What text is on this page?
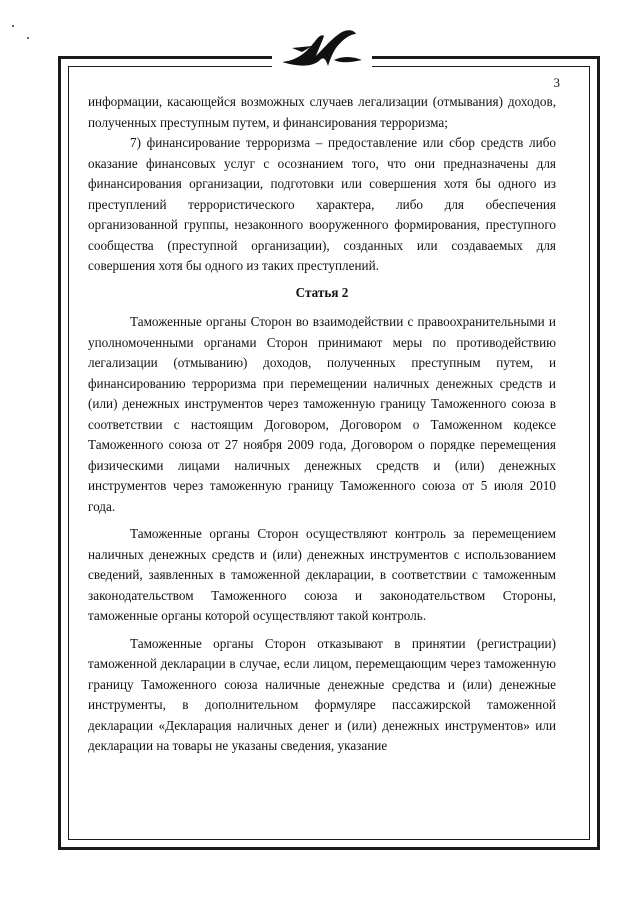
3

информации, касающейся возможных случаев легализации (отмывания) доходов, полученных преступным путем, и финансирования терроризма;

7) финансирование терроризма – предоставление или сбор средств либо оказание финансовых услуг с осознанием того, что они предназначены для финансирования организации, подготовки или совершения хотя бы одного из преступлений террористического характера, либо для обеспечения организованной группы, незаконного вооруженного формирования, преступного сообщества (преступной организации), созданных или создаваемых для совершения хотя бы одного из таких преступлений.

Статья 2

Таможенные органы Сторон во взаимодействии с правоохранительными и уполномоченными органами Сторон принимают меры по противодействию легализации (отмыванию) доходов, полученных преступным путем, и финансированию терроризма при перемещении наличных денежных средств и (или) денежных инструментов через таможенную границу Таможенного союза в соответствии с настоящим Договором, Договором о Таможенном кодексе Таможенного союза от 27 ноября 2009 года, Договором о порядке перемещения физическими лицами наличных денежных средств и (или) денежных инструментов через таможенную границу Таможенного союза от 5 июля 2010 года.

Таможенные органы Сторон осуществляют контроль за перемещением наличных денежных средств и (или) денежных инструментов с использованием сведений, заявленных в таможенной декларации, в соответствии с таможенным законодательством Таможенного союза и законодательством Стороны, таможенные органы которой осуществляют такой контроль.

Таможенные органы Сторон отказывают в принятии (регистрации) таможенной декларации в случае, если лицом, перемещающим через таможенную границу Таможенного союза наличные денежные средства и (или) денежные инструменты, в дополнительном формуляре пассажирской таможенной декларации «Декларация наличных денег и (или) денежных инструментов» или декларации на товары не указаны сведения, указание
